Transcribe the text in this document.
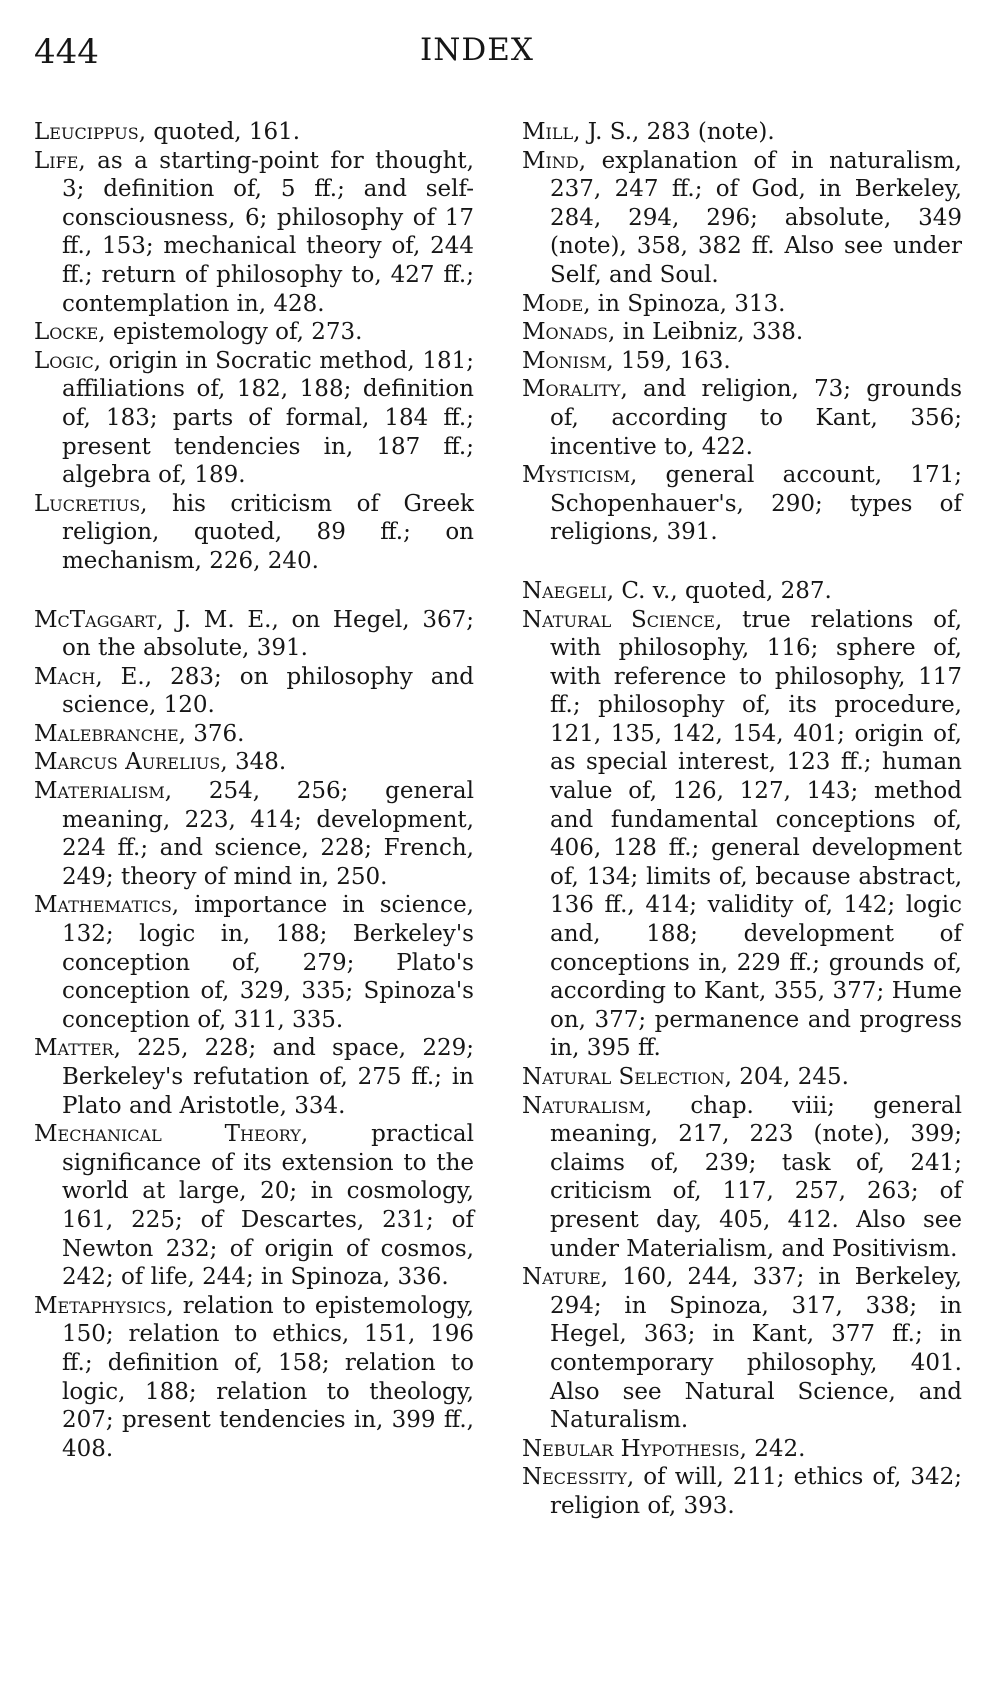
444	INDEX
Leucippus, quoted, 161.
Life, as a starting-point for thought, 3; definition of, 5 ff.; and self-consciousness, 6; philosophy of 17 ff., 153; mechanical theory of, 244 ff.; return of philosophy to, 427 ff.; contemplation in, 428.
Locke, epistemology of, 273.
Logic, origin in Socratic method, 181; affiliations of, 182, 188; definition of, 183; parts of formal, 184 ff.; present tendencies in, 187 ff.; algebra of, 189.
Lucretius, his criticism of Greek religion, quoted, 89 ff.; on mechanism, 226, 240.
McTaggart, J. M. E., on Hegel, 367; on the absolute, 391.
Mach, E., 283; on philosophy and science, 120.
Malebranche, 376.
Marcus Aurelius, 348.
Materialism, 254, 256; general meaning, 223, 414; development, 224 ff.; and science, 228; French, 249; theory of mind in, 250.
Mathematics, importance in science, 132; logic in, 188; Berkeley's conception of, 279; Plato's conception of, 329, 335; Spinoza's conception of, 311, 335.
Matter, 225, 228; and space, 229; Berkeley's refutation of, 275 ff.; in Plato and Aristotle, 334.
Mechanical Theory, practical significance of its extension to the world at large, 20; in cosmology, 161, 225; of Descartes, 231; of Newton 232; of origin of cosmos, 242; of life, 244; in Spinoza, 336.
Metaphysics, relation to epistemology, 150; relation to ethics, 151, 196 ff.; definition of, 158; relation to logic, 188; relation to theology, 207; present tendencies in, 399 ff., 408.
Mill, J. S., 283 (note).
Mind, explanation of in naturalism, 237, 247 ff.; of God, in Berkeley, 284, 294, 296; absolute, 349 (note), 358, 382 ff. Also see under Self, and Soul.
Mode, in Spinoza, 313.
Monads, in Leibniz, 338.
Monism, 159, 163.
Morality, and religion, 73; grounds of, according to Kant, 356; incentive to, 422.
Mysticism, general account, 171; Schopenhauer's, 290; types of religions, 391.
Naegeli, C. v., quoted, 287.
Natural Science, true relations of, with philosophy, 116; sphere of, with reference to philosophy, 117 ff.; philosophy of, its procedure, 121, 135, 142, 154, 401; origin of, as special interest, 123 ff.; human value of, 126, 127, 143; method and fundamental conceptions of, 406, 128 ff.; general development of, 134; limits of, because abstract, 136 ff., 414; validity of, 142; logic and, 188; development of conceptions in, 229 ff.; grounds of, according to Kant, 355, 377; Hume on, 377; permanence and progress in, 395 ff.
Natural Selection, 204, 245.
Naturalism, chap. viii; general meaning, 217, 223 (note), 399; claims of, 239; task of, 241; criticism of, 117, 257, 263; of present day, 405, 412. Also see under Materialism, and Positivism.
Nature, 160, 244, 337; in Berkeley, 294; in Spinoza, 317, 338; in Hegel, 363; in Kant, 377 ff.; in contemporary philosophy, 401. Also see Natural Science, and Naturalism.
Nebular Hypothesis, 242.
Necessity, of will, 211; ethics of, 342; religion of, 393.
